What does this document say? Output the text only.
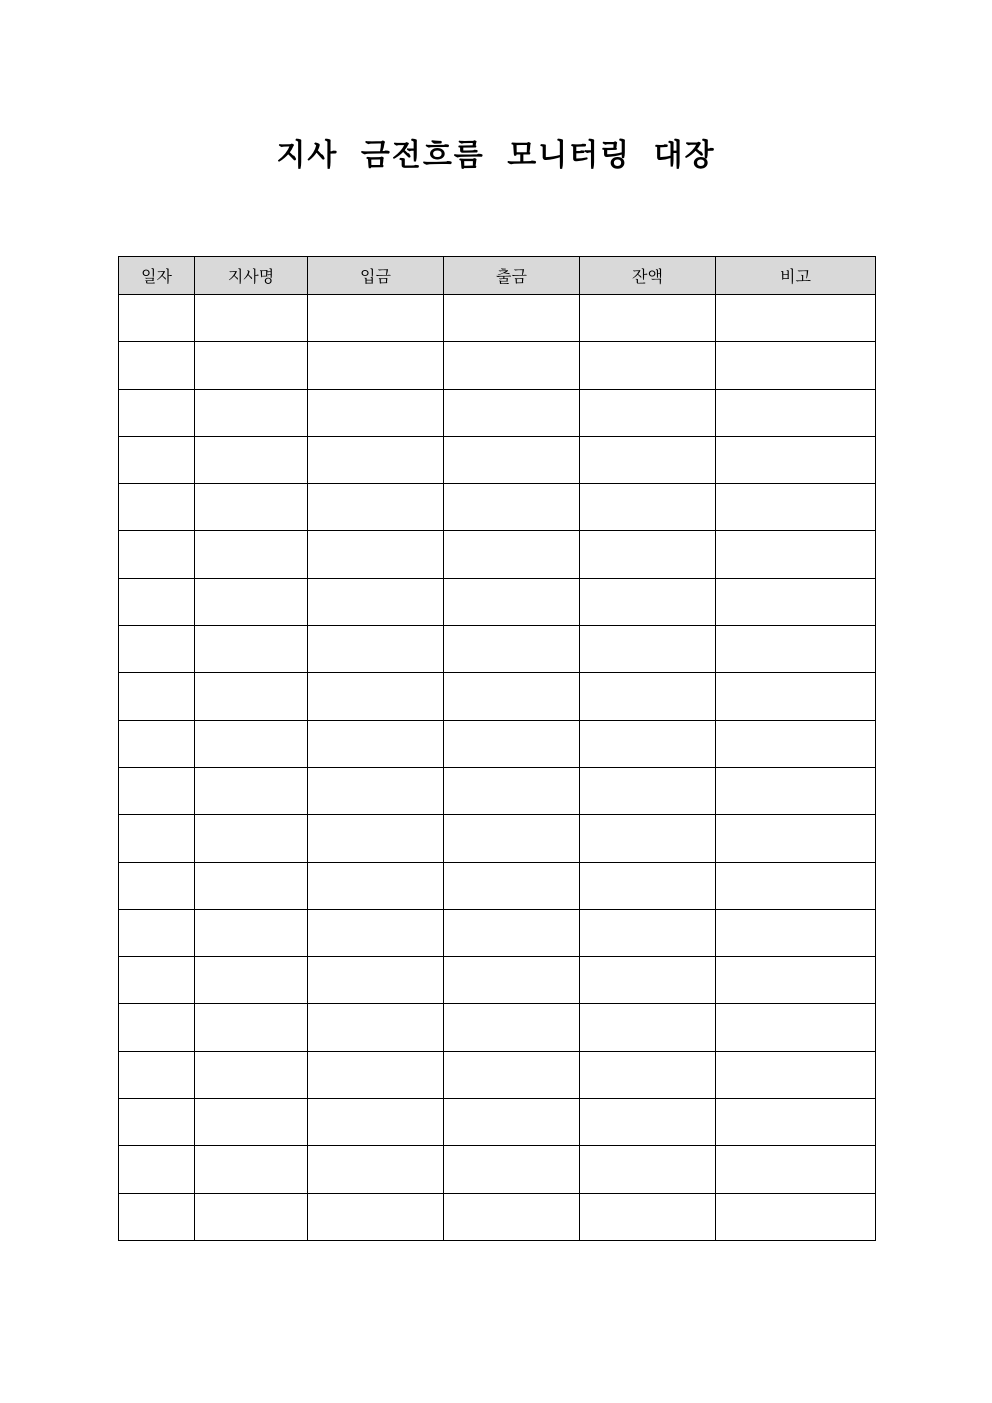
지사 금전흐름 모니터링 대장
일자	지사명	입금	출금	잔액	비고
